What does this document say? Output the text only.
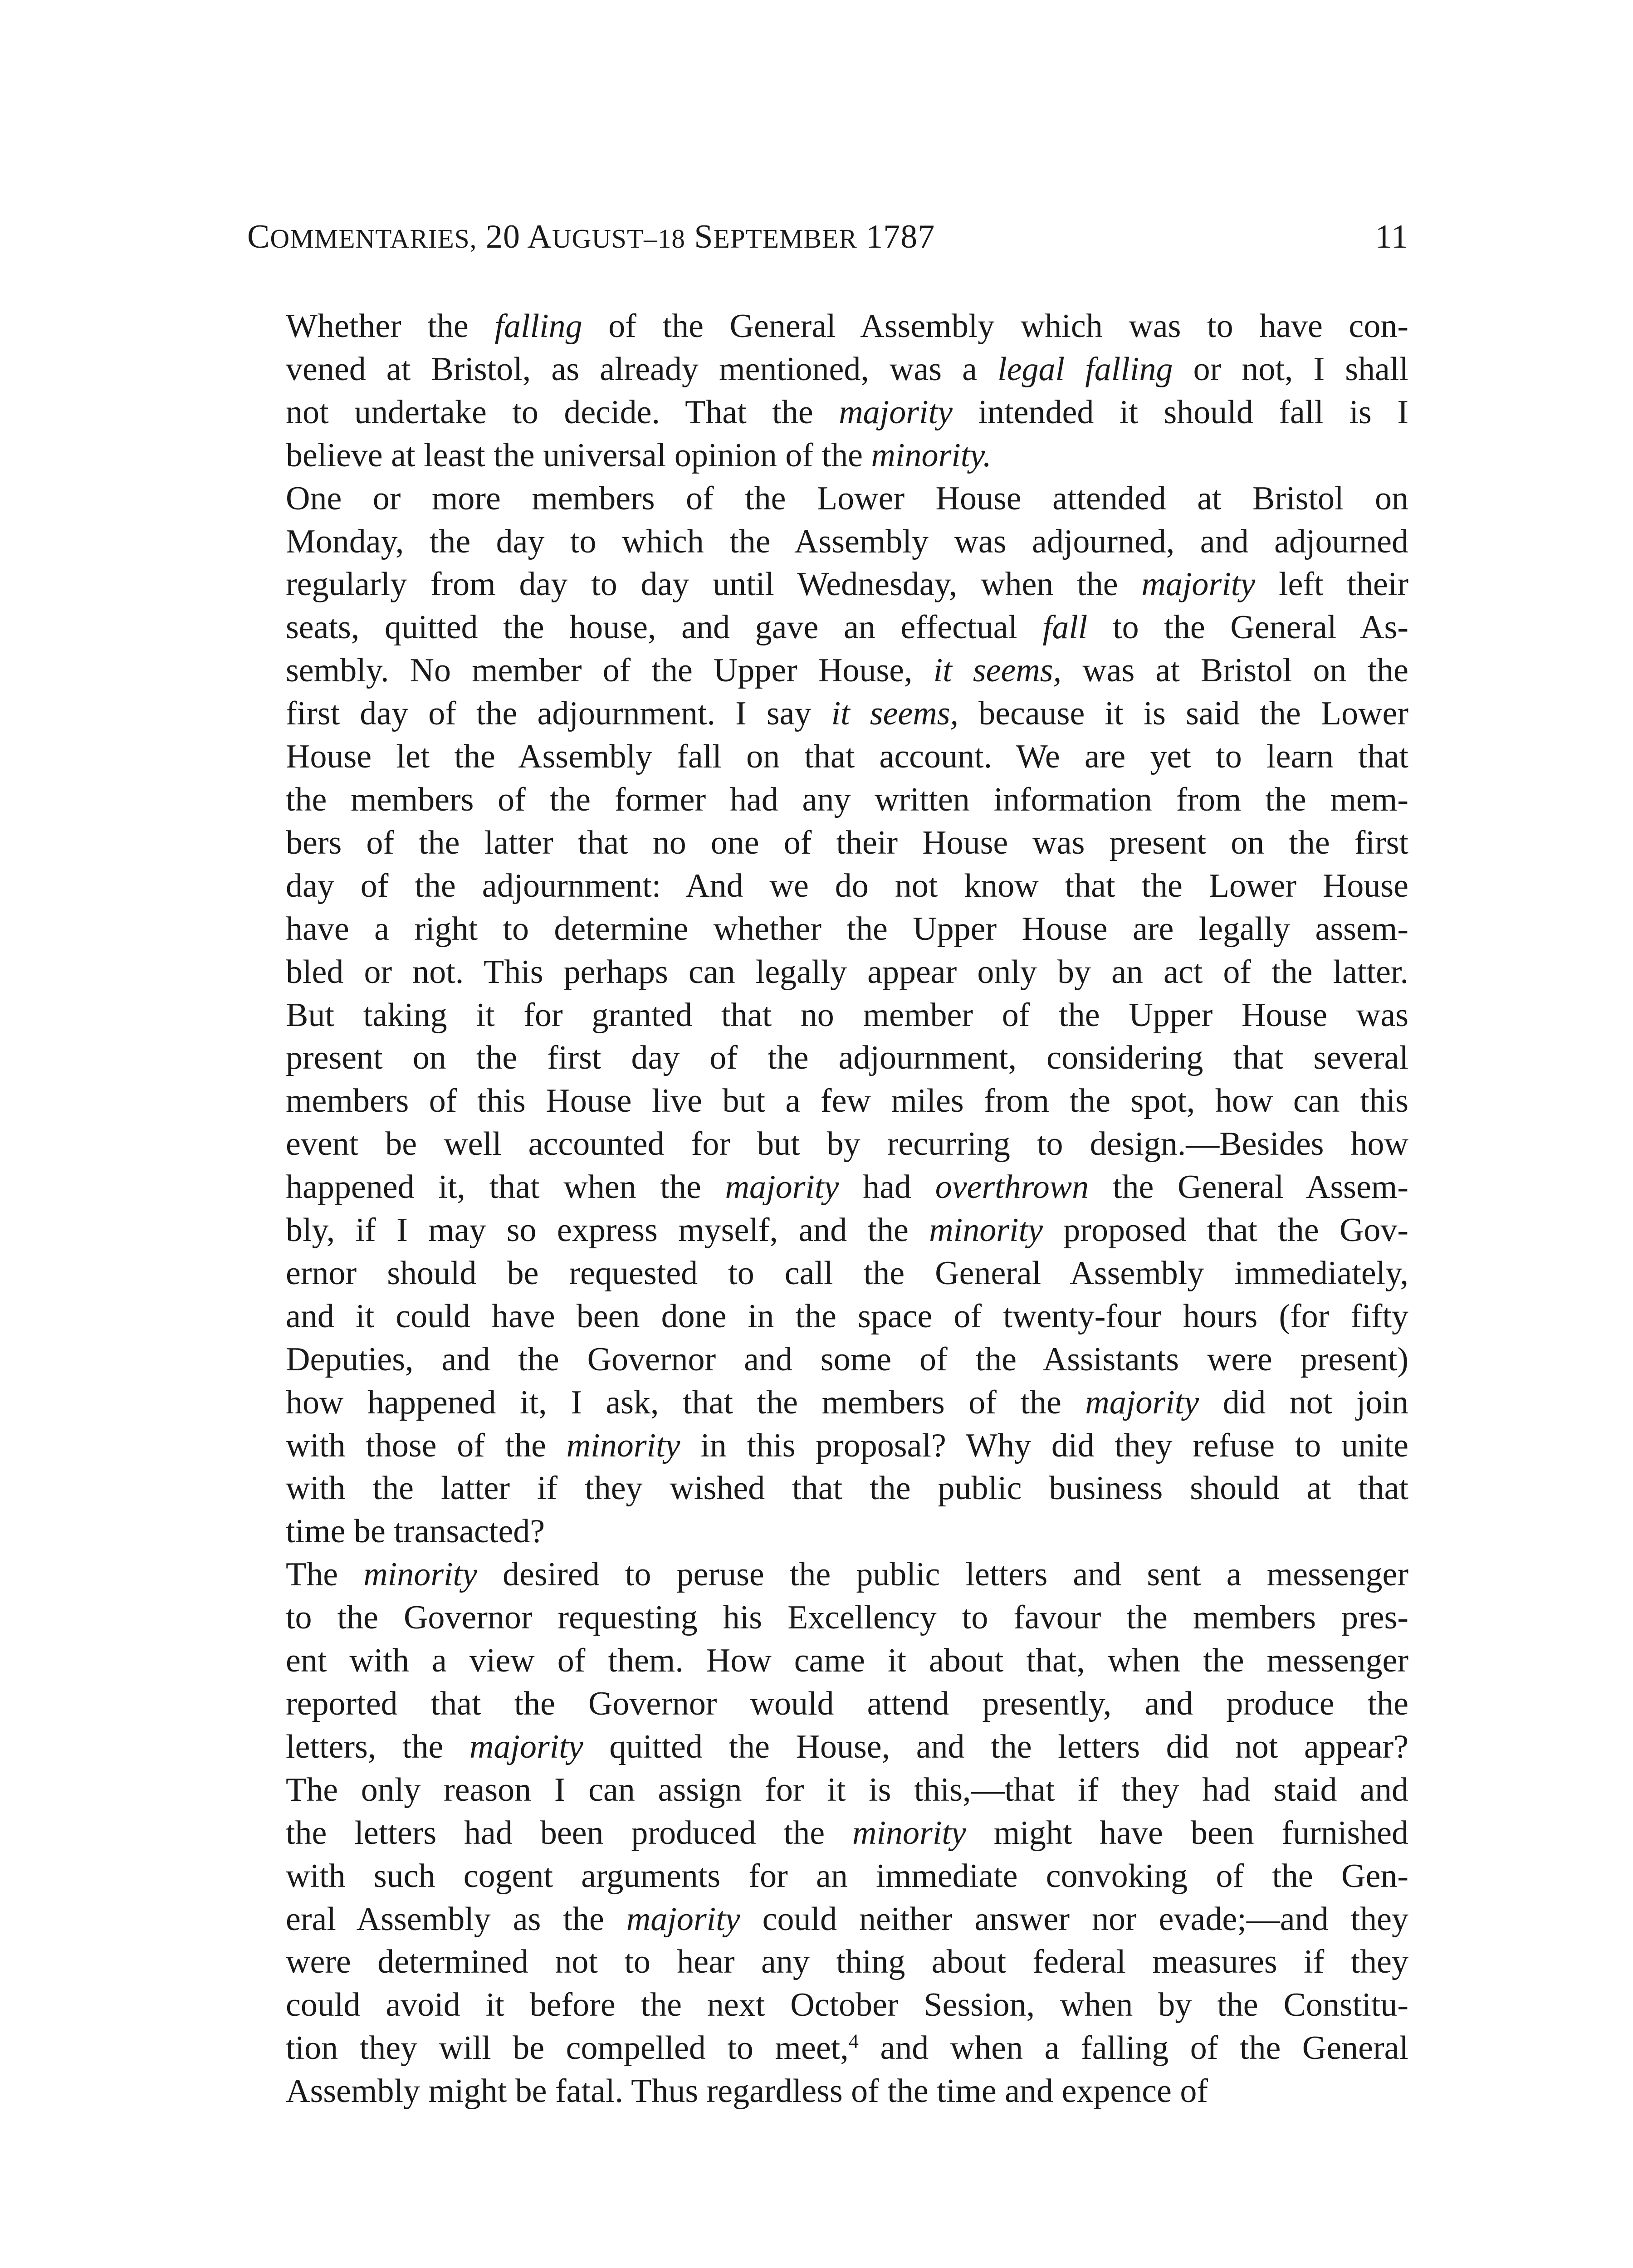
COMMENTARIES, 20 AUGUST–18 SEPTEMBER 1787	11
Whether the falling of the General Assembly which was to have con-
vened at Bristol, as already mentioned, was a legal falling or not, I shall
not undertake to decide. That the majority intended it should fall is I
believe at least the universal opinion of the minority.
One or more members of the Lower House attended at Bristol on
Monday, the day to which the Assembly was adjourned, and adjourned
regularly from day to day until Wednesday, when the majority left their
seats, quitted the house, and gave an effectual fall to the General As-
sembly. No member of the Upper House, it seems, was at Bristol on the
first day of the adjournment. I say it seems, because it is said the Lower
House let the Assembly fall on that account. We are yet to learn that
the members of the former had any written information from the mem-
bers of the latter that no one of their House was present on the first
day of the adjournment: And we do not know that the Lower House
have a right to determine whether the Upper House are legally assem-
bled or not. This perhaps can legally appear only by an act of the latter.
But taking it for granted that no member of the Upper House was
present on the first day of the adjournment, considering that several
members of this House live but a few miles from the spot, how can this
event be well accounted for but by recurring to design.—Besides how
happened it, that when the majority had overthrown the General Assem-
bly, if I may so express myself, and the minority proposed that the Gov-
ernor should be requested to call the General Assembly immediately,
and it could have been done in the space of twenty-four hours (for fifty
Deputies, and the Governor and some of the Assistants were present)
how happened it, I ask, that the members of the majority did not join
with those of the minority in this proposal? Why did they refuse to unite
with the latter if they wished that the public business should at that
time be transacted?
The minority desired to peruse the public letters and sent a messenger
to the Governor requesting his Excellency to favour the members pres-
ent with a view of them. How came it about that, when the messenger
reported that the Governor would attend presently, and produce the
letters, the majority quitted the House, and the letters did not appear?
The only reason I can assign for it is this,—that if they had staid and
the letters had been produced the minority might have been furnished
with such cogent arguments for an immediate convoking of the Gen-
eral Assembly as the majority could neither answer nor evade;—and they
were determined not to hear any thing about federal measures if they
could avoid it before the next October Session, when by the Constitu-
tion they will be compelled to meet,$^4$ and when a falling of the General
Assembly might be fatal. Thus regardless of the time and expence of
